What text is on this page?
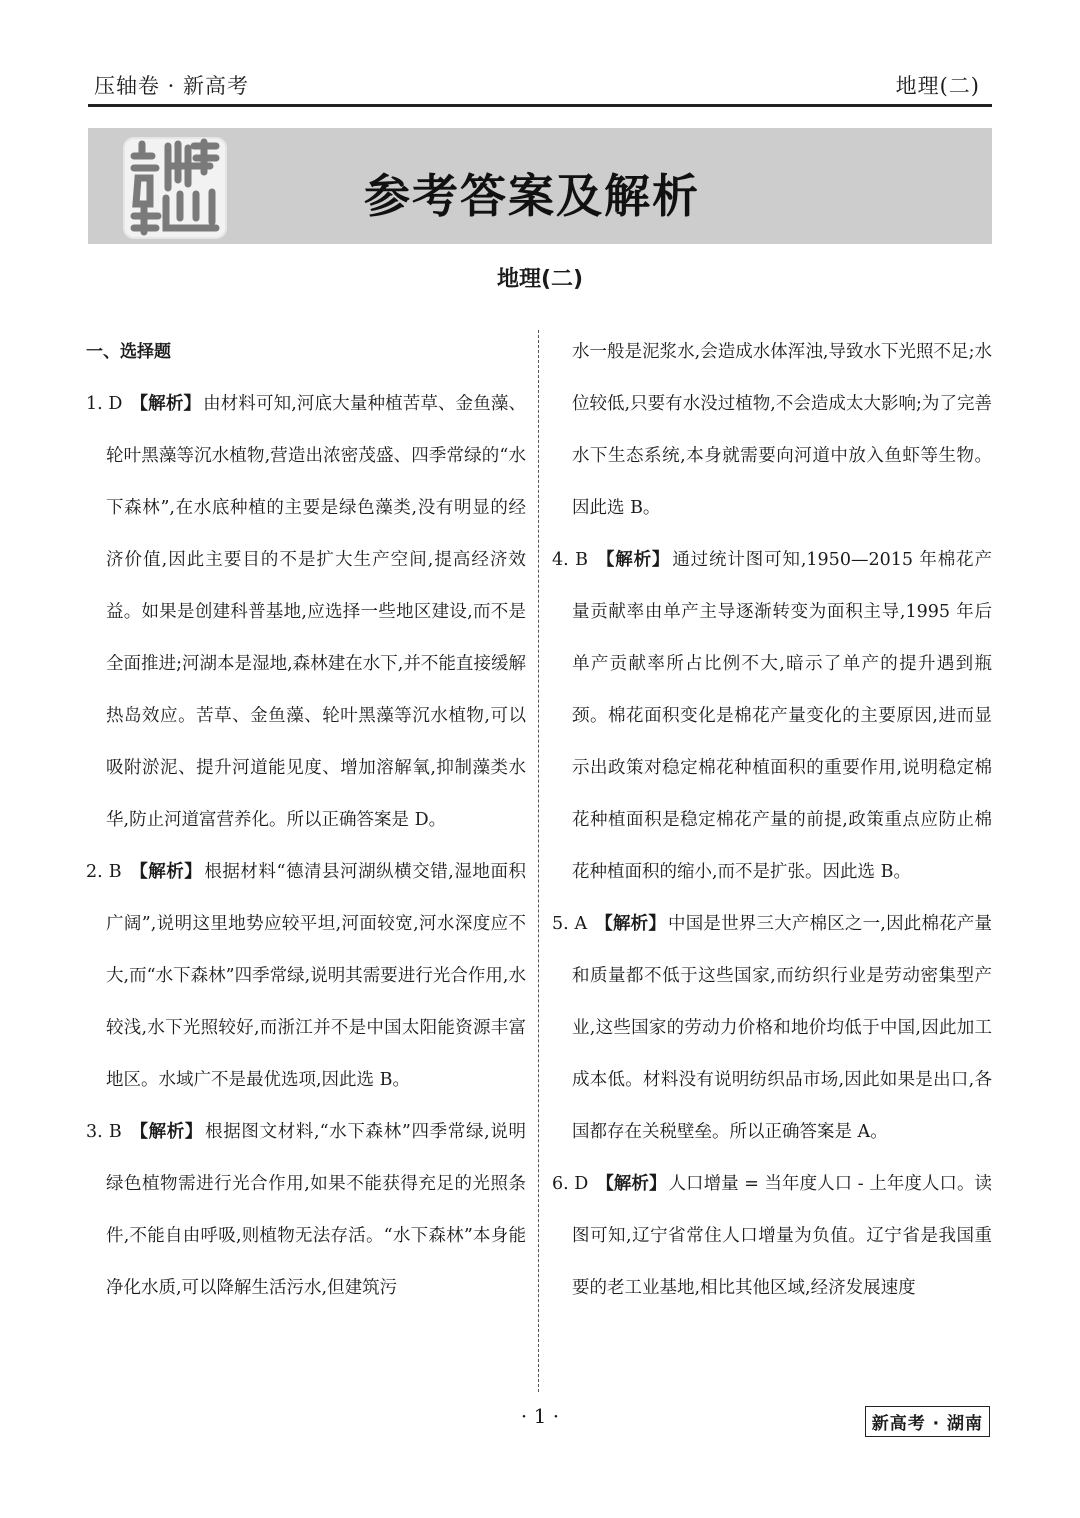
压轴卷 · 新高考	地理(二)
参考答案及解析
地理(二)

一、选择题

1. D 【解析】 由材料可知,河底大量种植苦草、金鱼藻、轮叶黑藻等沉水植物,营造出浓密茂盛、四季常绿的“水下森林”,在水底种植的主要是绿色藻类,没有明显的经济价值,因此主要目的不是扩大生产空间,提高经济效益。如果是创建科普基地,应选择一些地区建设,而不是全面推进;河湖本是湿地,森林建在水下,并不能直接缓解热岛效应。苦草、金鱼藻、轮叶黑藻等沉水植物,可以吸附淤泥、提升河道能见度、增加溶解氧,抑制藻类水华,防止河道富营养化。所以正确答案是 D。

2. B 【解析】 根据材料“德清县河湖纵横交错,湿地面积广阔”,说明这里地势应较平坦,河面较宽,河水深度应不大,而“水下森林”四季常绿,说明其需要进行光合作用,水较浅,水下光照较好,而浙江并不是中国太阳能资源丰富地区。水域广不是最优选项,因此选 B。

3. B 【解析】 根据图文材料,“水下森林”四季常绿,说明绿色植物需进行光合作用,如果不能获得充足的光照条件,不能自由呼吸,则植物无法存活。“水下森林”本身能净化水质,可以降解生活污水,但建筑污

水一般是泥浆水,会造成水体浑浊,导致水下光照不足;水位较低,只要有水没过植物,不会造成太大影响;为了完善水下生态系统,本身就需要向河道中放入鱼虾等生物。因此选 B。

4. B 【解析】 通过统计图可知,1950—2015 年棉花产量贡献率由单产主导逐渐转变为面积主导,1995 年后单产贡献率所占比例不大,暗示了单产的提升遇到瓶颈。棉花面积变化是棉花产量变化的主要原因,进而显示出政策对稳定棉花种植面积的重要作用,说明稳定棉花种植面积是稳定棉花产量的前提,政策重点应防止棉花种植面积的缩小,而不是扩张。因此选 B。

5. A 【解析】 中国是世界三大产棉区之一,因此棉花产量和质量都不低于这些国家,而纺织行业是劳动密集型产业,这些国家的劳动力价格和地价均低于中国,因此加工成本低。材料没有说明纺织品市场,因此如果是出口,各国都存在关税壁垒。所以正确答案是 A。

6. D 【解析】 人口增量 = 当年度人口 - 上年度人口。读图可知,辽宁省常住人口增量为负值。辽宁省是我国重要的老工业基地,相比其他区域,经济发展速度

· 1 ·	新高考 · 湖南
